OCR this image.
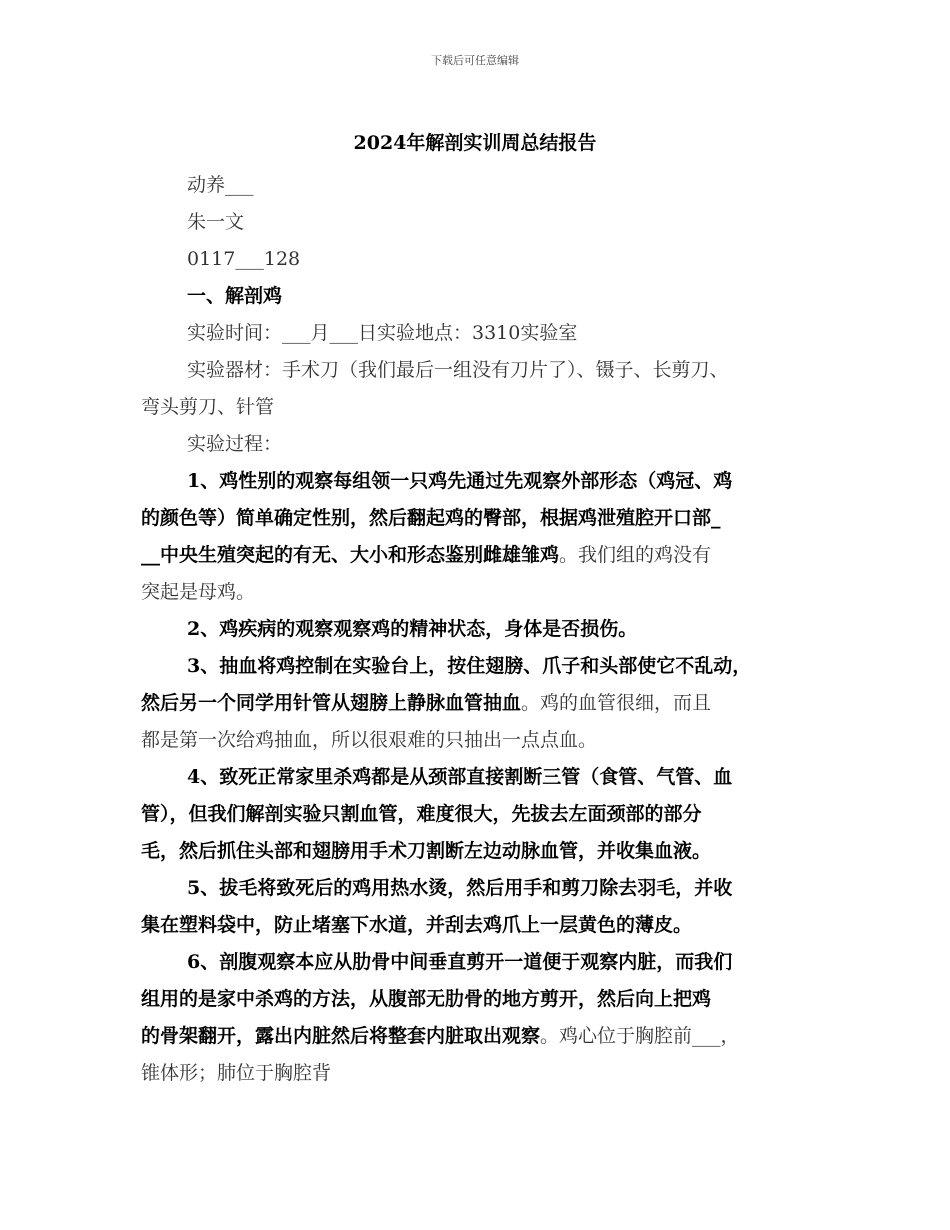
下载后可任意编辑
2024年解剖实训周总结报告

动养___

朱一文

0117___128

一、解剖鸡

实验时间：___月___日实验地点：3310实验室

实验器材：手术刀（我们最后一组没有刀片了）、镊子、长剪刀、

弯头剪刀、针管

实验过程：

1、鸡性别的观察每组领一只鸡先通过先观察外部形态（鸡冠、鸡

的颜色等）简单确定性别，然后翻起鸡的臀部，根据鸡泄殖腔开口部_

__中央生殖突起的有无、大小和形态鉴别雌雄雏鸡。我们组的鸡没有

突起是母鸡。

2、鸡疾病的观察观察鸡的精神状态，身体是否损伤。

3、抽血将鸡控制在实验台上，按住翅膀、爪子和头部使它不乱动，

然后另一个同学用针管从翅膀上静脉血管抽血。鸡的血管很细，而且

都是第一次给鸡抽血，所以很艰难的只抽出一点点血。

4、致死正常家里杀鸡都是从颈部直接割断三管（食管、气管、血

管），但我们解剖实验只割血管，难度很大，先拔去左面颈部的部分

毛，然后抓住头部和翅膀用手术刀割断左边动脉血管，并收集血液。

5、拔毛将致死后的鸡用热水烫，然后用手和剪刀除去羽毛，并收

集在塑料袋中，防止堵塞下水道，并刮去鸡爪上一层黄色的薄皮。

6、剖腹观察本应从肋骨中间垂直剪开一道便于观察内脏，而我们

组用的是家中杀鸡的方法，从腹部无肋骨的地方剪开，然后向上把鸡

的骨架翻开，露出内脏然后将整套内脏取出观察。鸡心位于胸腔前___，

锥体形；肺位于胸腔背
